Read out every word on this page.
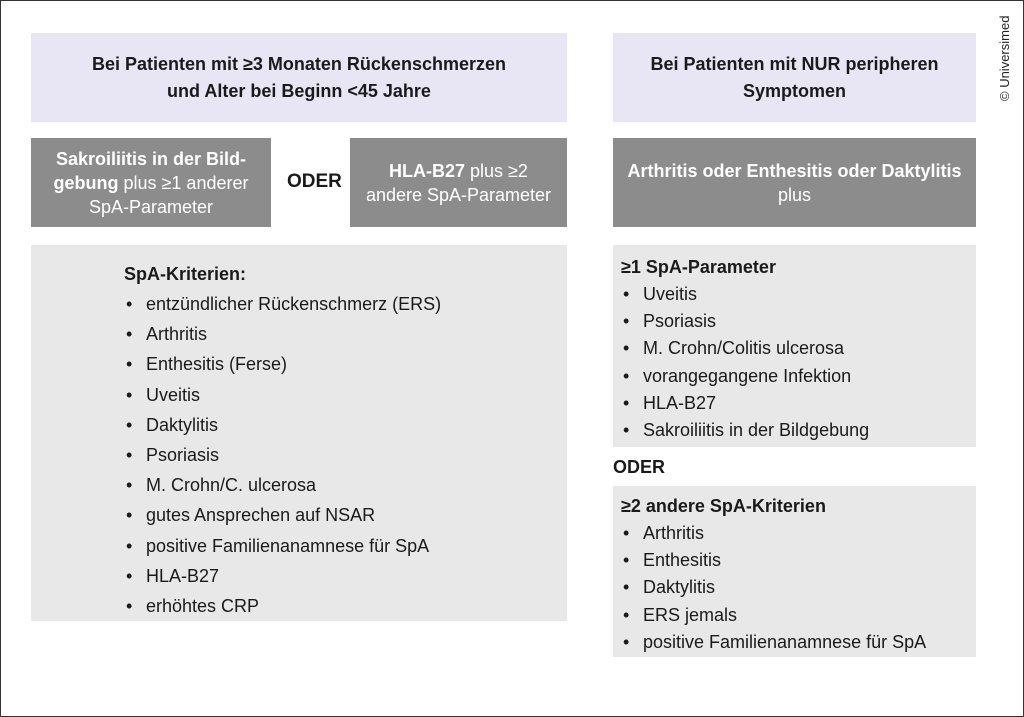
Bei Patienten mit ≥3 Monaten Rückenschmerzen
und Alter bei Beginn <45 Jahre
Bei Patienten mit NUR peripheren
Symptomen
Sakroiliitis in der Bild-
gebung plus ≥1 anderer
SpA-Parameter
ODER
HLA-B27 plus ≥2
andere SpA-Parameter
Arthritis oder Enthesitis oder Daktylitis
plus
SpA-Kriterien:
• entzündlicher Rückenschmerz (ERS)
• Arthritis
• Enthesitis (Ferse)
• Uveitis
• Daktylitis
• Psoriasis
• M. Crohn/C. ulcerosa
• gutes Ansprechen auf NSAR
• positive Familienanamnese für SpA
• HLA-B27
• erhöhtes CRP
≥1 SpA-Parameter
• Uveitis
• Psoriasis
• M. Crohn/Colitis ulcerosa
• vorangegangene Infektion
• HLA-B27
• Sakroiliitis in der Bildgebung
ODER
≥2 andere SpA-Kriterien
• Arthritis
• Enthesitis
• Daktylitis
• ERS jemals
• positive Familienanamnese für SpA
© Universimed
